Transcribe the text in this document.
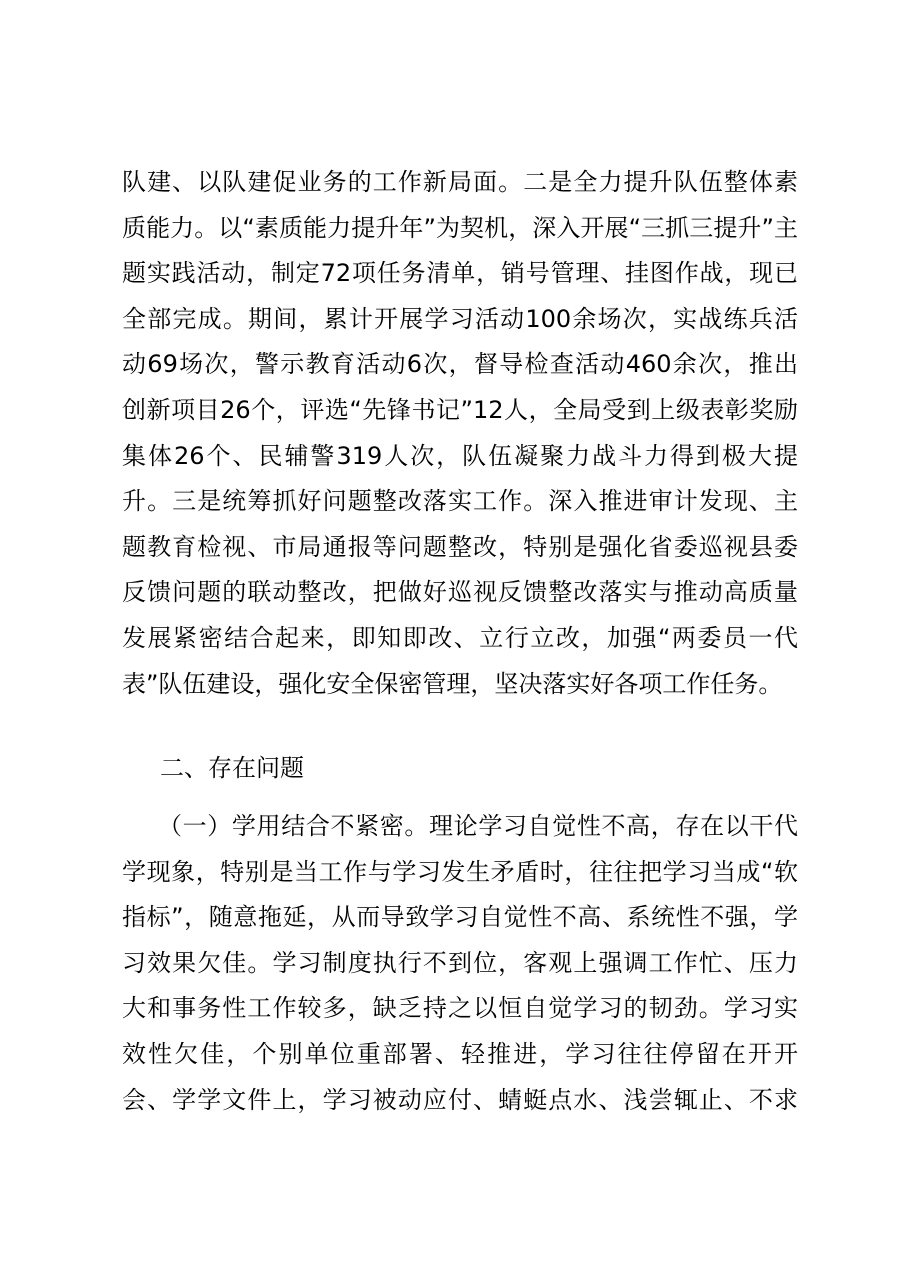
队建、以队建促业务的工作新局面。二是全力提升队伍整体素
质能力。以“素质能力提升年”为契机，深入开展“三抓三提升”主
题实践活动，制定72项任务清单，销号管理、挂图作战，现已
全部完成。期间，累计开展学习活动100余场次，实战练兵活
动69场次，警示教育活动6次，督导检查活动460余次，推出
创新项目26个，评选“先锋书记”12人，全局受到上级表彰奖励
集体26个、民辅警319人次，队伍凝聚力战斗力得到极大提
升。三是统筹抓好问题整改落实工作。深入推进审计发现、主
题教育检视、市局通报等问题整改，特别是强化省委巡视县委
反馈问题的联动整改，把做好巡视反馈整改落实与推动高质量
发展紧密结合起来，即知即改、立行立改，加强“两委员一代
表”队伍建设，强化安全保密管理，坚决落实好各项工作任务。
二、存在问题
（一）学用结合不紧密。理论学习自觉性不高，存在以干代
学现象，特别是当工作与学习发生矛盾时，往往把学习当成“软
指标”，随意拖延，从而导致学习自觉性不高、系统性不强，学
习效果欠佳。学习制度执行不到位，客观上强调工作忙、压力
大和事务性工作较多，缺乏持之以恒自觉学习的韧劲。学习实
效性欠佳，个别单位重部署、轻推进，学习往往停留在开开
会、学学文件上，学习被动应付、蜻蜓点水、浅尝辄止、不求
